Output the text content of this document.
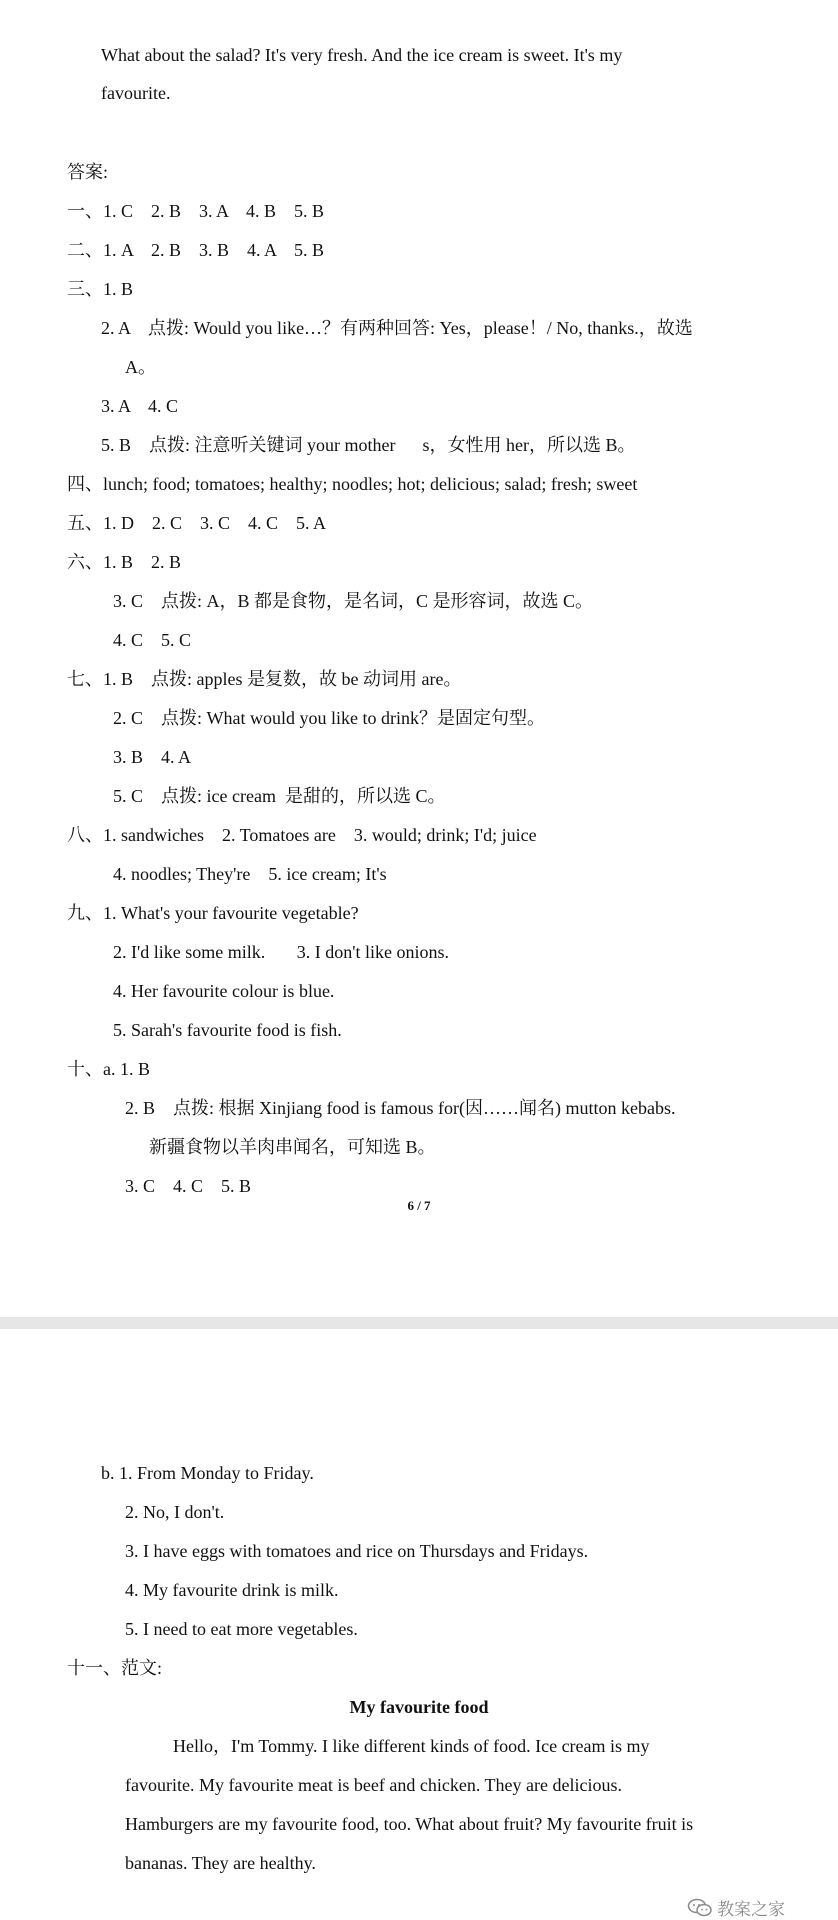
What about the salad? It's very fresh. And the ice cream is sweet. It's my
favourite.
答案:
一、1. C    2. B    3. A    4. B    5. B
二、1. A    2. B    3. B    4. A    5. B
三、1. B
2. A    点拨: Would you like…？有两种回答: Yes，please！/ No, thanks.，故选
A。
3. A    4. C
5. B    点拨: 注意听关键词 your mother      s，女性用 her，所以选 B。
四、lunch; food; tomatoes; healthy; noodles; hot; delicious; salad; fresh; sweet
五、1. D    2. C    3. C    4. C    5. A
六、1. B    2. B
3. C    点拨: A，B 都是食物，是名词，C 是形容词，故选 C。
4. C    5. C
七、1. B    点拨: apples 是复数，故 be 动词用 are。
2. C    点拨: What would you like to drink？是固定句型。
3. B    4. A
5. C    点拨: ice cream  是甜的，所以选 C。
八、1. sandwiches    2. Tomatoes are    3. would; drink; I'd; juice
4. noodles; They're    5. ice cream; It's
九、1. What's your favourite vegetable?
2. I'd like some milk.       3. I don't like onions.
4. Her favourite colour is blue.
5. Sarah's favourite food is fish.
十、a. 1. B
2. B    点拨: 根据 Xinjiang food is famous for(因……闻名) mutton kebabs.
新疆食物以羊肉串闻名，可知选 B。
3. C    4. C    5. B
6 / 7
b. 1. From Monday to Friday.
2. No, I don't.
3. I have eggs with tomatoes and rice on Thursdays and Fridays.
4. My favourite drink is milk.
5. I need to eat more vegetables.
十一、范文:
My favourite food
Hello，I'm Tommy. I like different kinds of food. Ice cream is my
favourite. My favourite meat is beef and chicken. They are delicious.
Hamburgers are my favourite food, too. What about fruit? My favourite fruit is
bananas. They are healthy.
教案之家
